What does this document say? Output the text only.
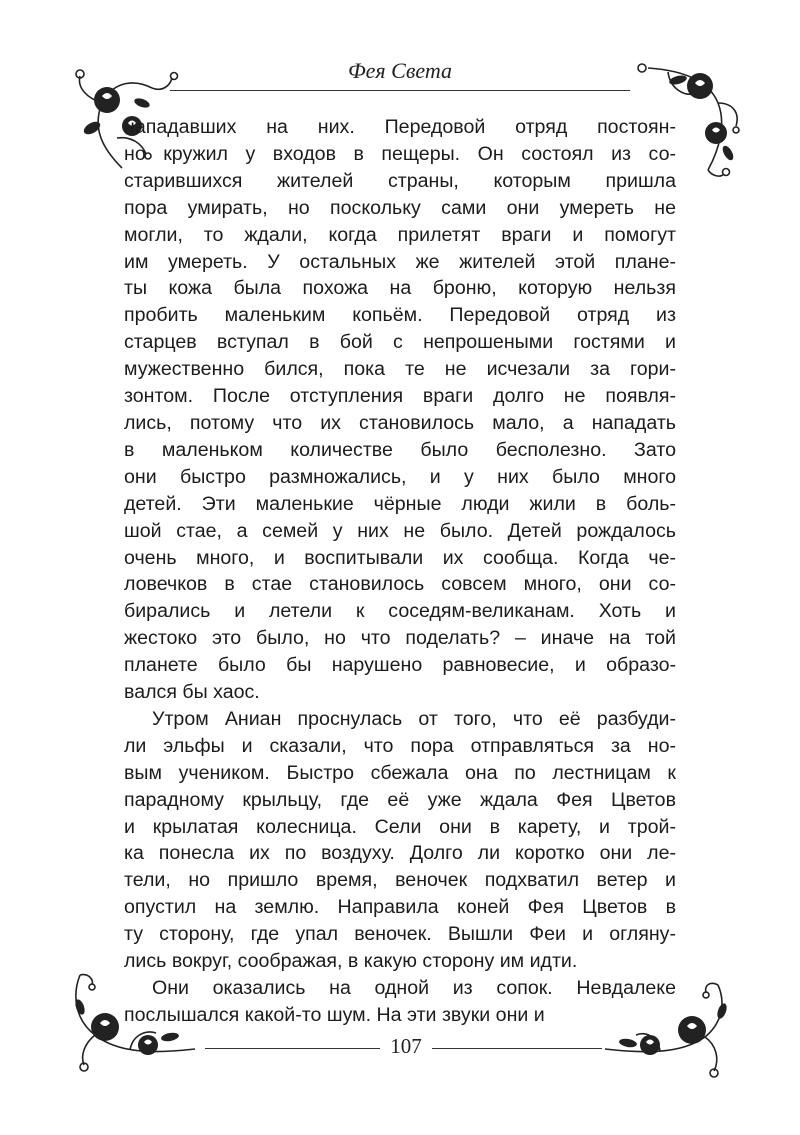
Фея Света

нападавших на них. Передовой отряд постоян-
но кружил у входов в пещеры. Он состоял из со-
старившихся жителей страны, которым пришла
пора умирать, но поскольку сами они умереть не
могли, то ждали, когда прилетят враги и помогут
им умереть. У остальных же жителей этой плане-
ты кожа была похожа на броню, которую нельзя
пробить маленьким копьём. Передовой отряд из
старцев вступал в бой с непрошеными гостями и
мужественно бился, пока те не исчезали за гори-
зонтом. После отступления враги долго не появля-
лись, потому что их становилось мало, а нападать
в маленьком количестве было бесполезно. Зато
они быстро размножались, и у них было много
детей. Эти маленькие чёрные люди жили в боль-
шой стае, а семей у них не было. Детей рождалось
очень много, и воспитывали их сообща. Когда че-
ловечков в стае становилось совсем много, они со-
бирались и летели к соседям-великанам. Хоть и
жестоко это было, но что поделать? – иначе на той
планете было бы нарушено равновесие, и образо-
вался бы хаос.

Утром Аниан проснулась от того, что её разбуди-
ли эльфы и сказали, что пора отправляться за но-
вым учеником. Быстро сбежала она по лестницам к
парадному крыльцу, где её уже ждала Фея Цветов
и крылатая колесница. Сели они в карету, и трой-
ка понесла их по воздуху. Долго ли коротко они ле-
тели, но пришло время, веночек подхватил ветер и
опустил на землю. Направила коней Фея Цветов в
ту сторону, где упал веночек. Вышли Феи и огляну-
лись вокруг, соображая, в какую сторону им идти.

Они оказались на одной из сопок. Невдалеке
послышался какой-то шум. На эти звуки они и

107
